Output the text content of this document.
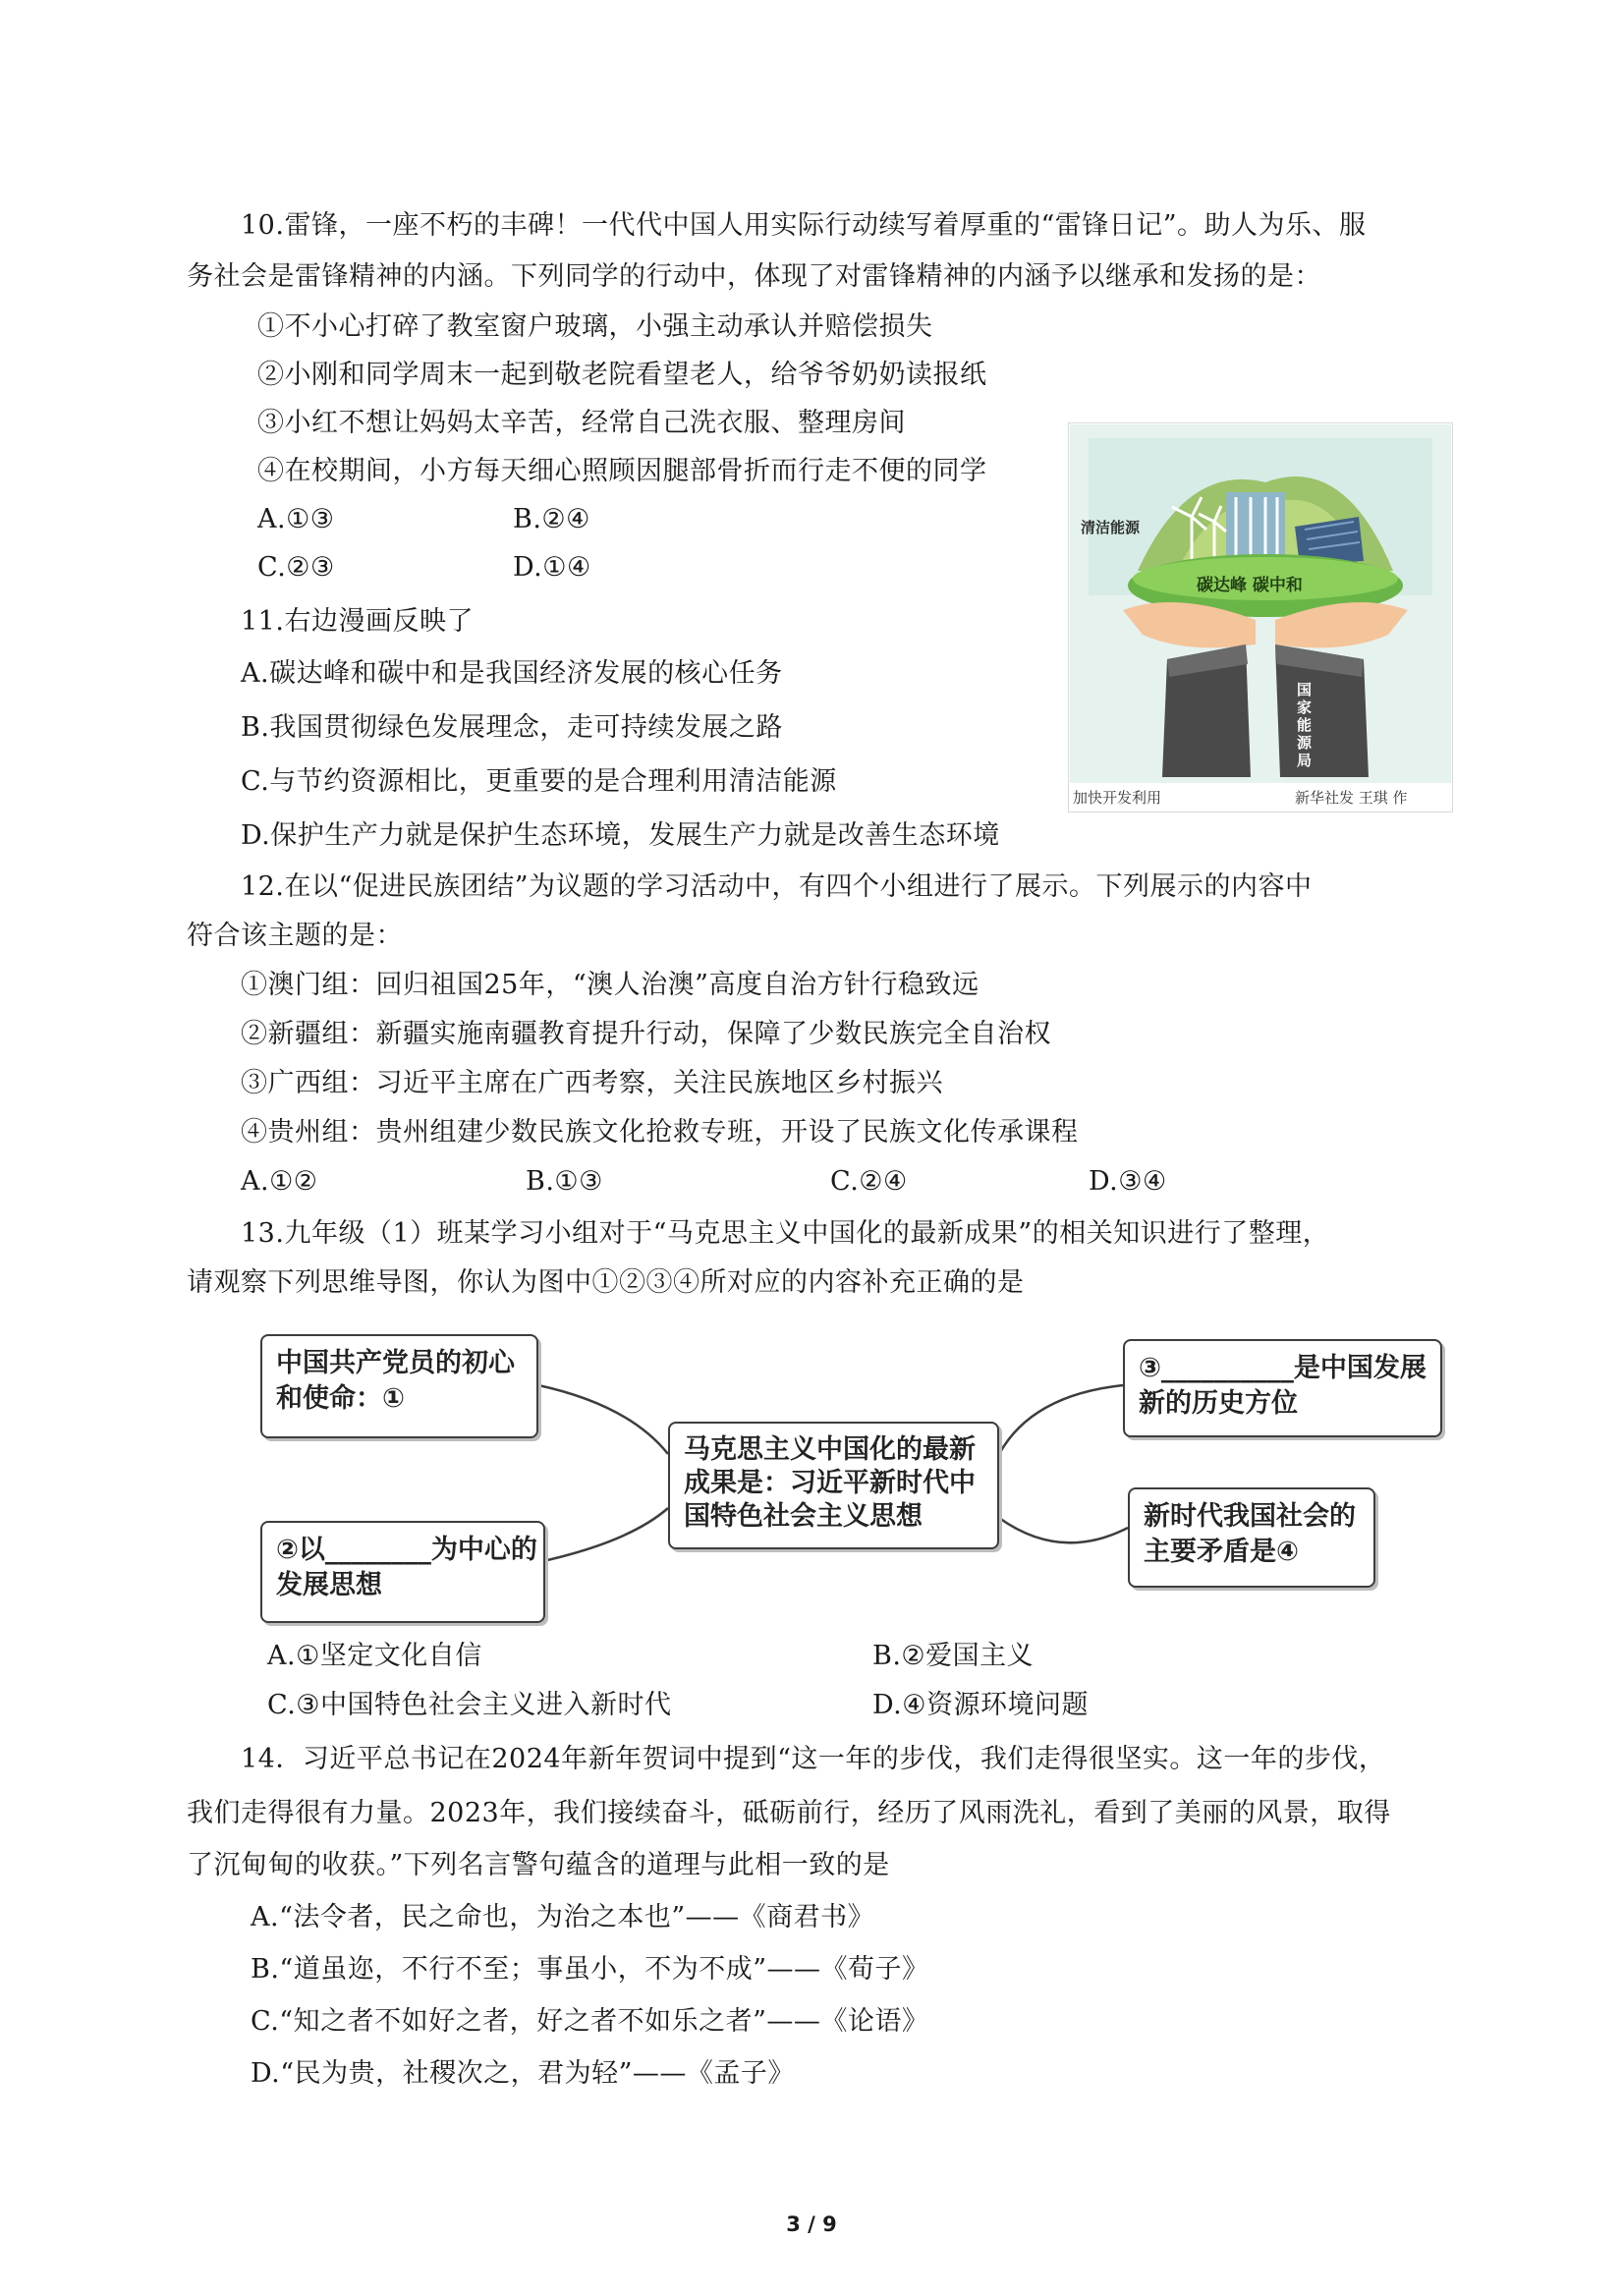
10.雷锋，一座不朽的丰碑！一代代中国人用实际行动续写着厚重的“雷锋日记”。助人为乐、服
务社会是雷锋精神的内涵。下列同学的行动中，体现了对雷锋精神的内涵予以继承和发扬的是：
①不小心打碎了教室窗户玻璃，小强主动承认并赔偿损失
②小刚和同学周末一起到敬老院看望老人，给爷爷奶奶读报纸
③小红不想让妈妈太辛苦，经常自己洗衣服、整理房间
④在校期间，小方每天细心照顾因腿部骨折而行走不便的同学
A.①③	B.②④
C.②③	D.①④
11.右边漫画反映了
A.碳达峰和碳中和是我国经济发展的核心任务
B.我国贯彻绿色发展理念，走可持续发展之路
C.与节约资源相比，更重要的是合理利用清洁能源
D.保护生产力就是保护生态环境，发展生产力就是改善生态环境
清洁能源
碳达峰 碳中和
国家能源局
加快开发利用	新华社发 王琪 作
12.在以“促进民族团结”为议题的学习活动中，有四个小组进行了展示。下列展示的内容中
符合该主题的是：
①澳门组：回归祖国25年，“澳人治澳”高度自治方针行稳致远
②新疆组：新疆实施南疆教育提升行动，保障了少数民族完全自治权
③广西组：习近平主席在广西考察，关注民族地区乡村振兴
④贵州组：贵州组建少数民族文化抢救专班，开设了民族文化传承课程
A.①②	B.①③	C.②④	D.③④
13.九年级（1）班某学习小组对于“马克思主义中国化的最新成果”的相关知识进行了整理，
请观察下列思维导图，你认为图中①②③④所对应的内容补充正确的是
中国共产党员的初心
和使命：①
②以________为中心的
发展思想
马克思主义中国化的最新
成果是：习近平新时代中
国特色社会主义思想
③__________是中国发展
新的历史方位
新时代我国社会的
主要矛盾是④
A.①坚定文化自信	B.②爱国主义
C.③中国特色社会主义进入新时代	D.④资源环境问题
14．习近平总书记在2024年新年贺词中提到“这一年的步伐，我们走得很坚实。这一年的步伐，
我们走得很有力量。2023年，我们接续奋斗，砥砺前行，经历了风雨洗礼，看到了美丽的风景，取得
了沉甸甸的收获。”下列名言警句蕴含的道理与此相一致的是
A.“法令者，民之命也，为治之本也”——《商君书》
B.“道虽迩，不行不至；事虽小，不为不成”——《荀子》
C.“知之者不如好之者，好之者不如乐之者”——《论语》
D.“民为贵，社稷次之，君为轻”——《孟子》
3 / 9
